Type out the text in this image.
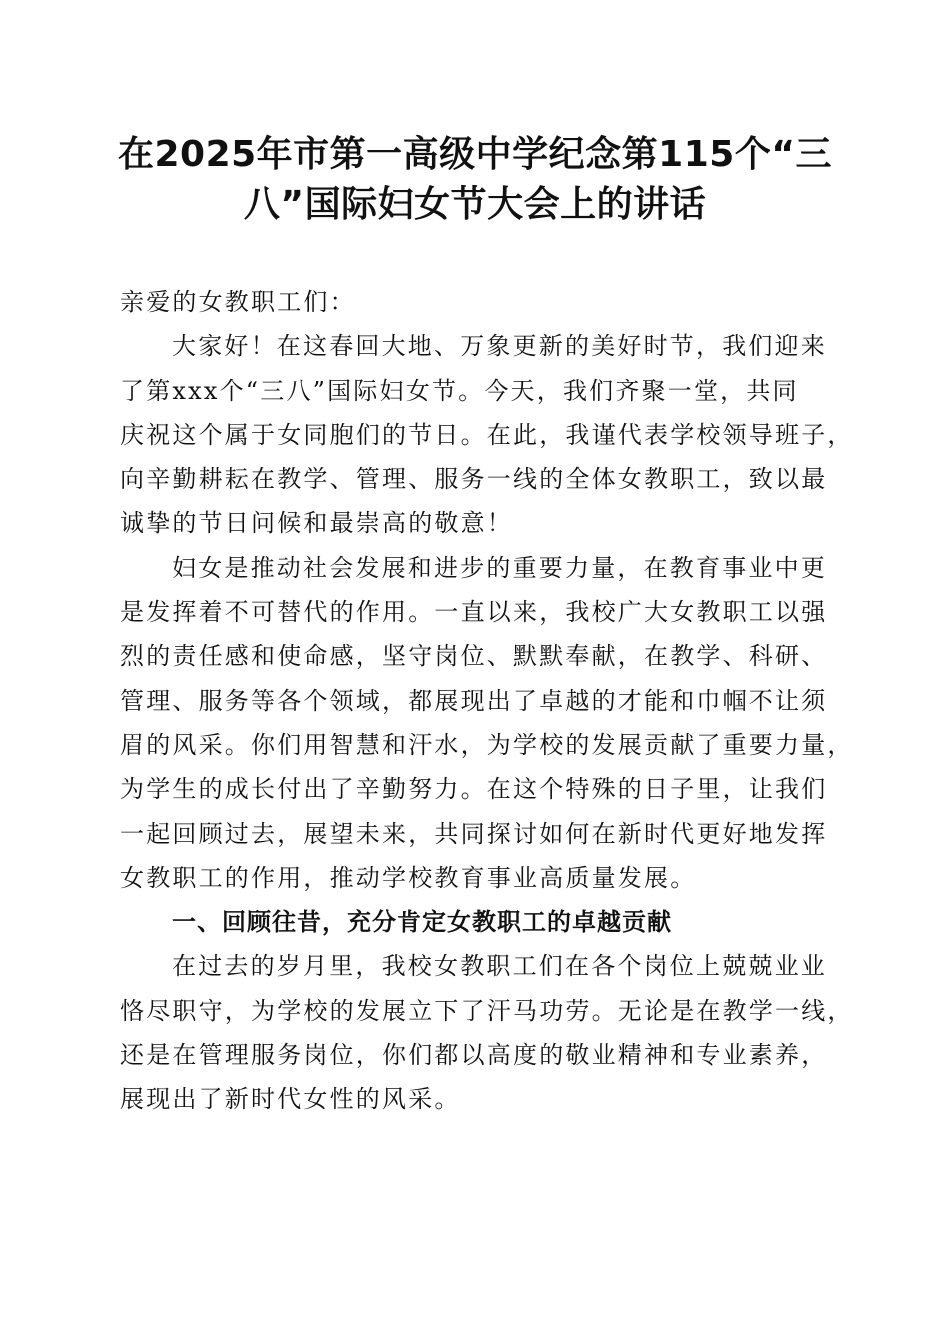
在2025年市第一高级中学纪念第115个“三
八”国际妇女节大会上的讲话
亲爱的女教职工们：
大家好！在这春回大地、万象更新的美好时节，我们迎来
了第xxx个“三八”国际妇女节。今天，我们齐聚一堂，共同
庆祝这个属于女同胞们的节日。在此，我谨代表学校领导班子，
向辛勤耕耘在教学、管理、服务一线的全体女教职工，致以最
诚挚的节日问候和最崇高的敬意！
妇女是推动社会发展和进步的重要力量，在教育事业中更
是发挥着不可替代的作用。一直以来，我校广大女教职工以强
烈的责任感和使命感，坚守岗位、默默奉献，在教学、科研、
管理、服务等各个领域，都展现出了卓越的才能和巾帼不让须
眉的风采。你们用智慧和汗水，为学校的发展贡献了重要力量，
为学生的成长付出了辛勤努力。在这个特殊的日子里，让我们
一起回顾过去，展望未来，共同探讨如何在新时代更好地发挥
女教职工的作用，推动学校教育事业高质量发展。
一、回顾往昔，充分肯定女教职工的卓越贡献
在过去的岁月里，我校女教职工们在各个岗位上兢兢业业
恪尽职守，为学校的发展立下了汗马功劳。无论是在教学一线，
还是在管理服务岗位，你们都以高度的敬业精神和专业素养，
展现出了新时代女性的风采。
